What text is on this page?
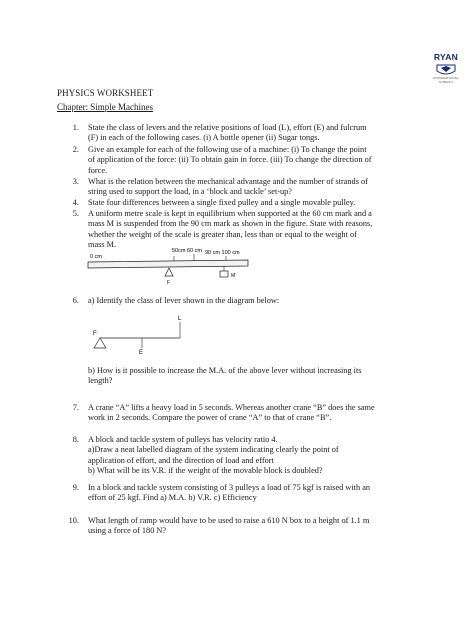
RYAN
INTERNATIONAL
SCHOOLS
PHYSICS WORKSHEET
Chapter: Simple Machines
1. State the class of levers and the relative positions of load (L), effort (E) and fulcrum
(F) in each of the following cases. (i) A bottle opener (ii) Sugar tongs.
2. Give an example for each of the following use of a machine: (i) To change the point
of application of the force: (ii) To obtain gain in force. (iii) To change the direction of
force.
3. What is the relation between the mechanical advantage and the number of strands of
string used to support the load, in a ‘block and tackle’ set-up?
4. State four differences between a single fixed pulley and a single movable pulley.
5. A uniform metre scale is kept in equilibrium when supported at the 60 cm mark and a
mass M is suspended from the 90 cm mark as shown in the figure. State with reasons,
whether the weight of the scale is greater than, less than or equal to the weight of
mass M.
0 cm
50cm 60 cm 90 cm 100 cm
F
M
6. a) Identify the class of lever shown in the diagram below:
F
E
L
b) How is it possible to increase the M.A. of the above lever without increasing its
length?
7. A crane “A” lifts a heavy load in 5 seconds. Whereas another crane “B” does the same
work in 2 seconds. Compare the power of crane “A” to that of crane “B”.
8. A block and tackle system of pulleys has velocity ratio 4.
a)Draw a neat labelled diagram of the system indicating clearly the point of
application of effort, and the direction of load and effort
b) What will be its V.R. if the weight of the movable block is doubled?
9. In a block and tackle system consisting of 3 pulleys a load of 75 kgf is raised with an
effort of 25 kgf. Find a) M.A. b) V.R. c) Efficiency
10. What length of ramp would have to be used to raise a 610 N box to a height of 1.1 m
using a force of 180 N?
